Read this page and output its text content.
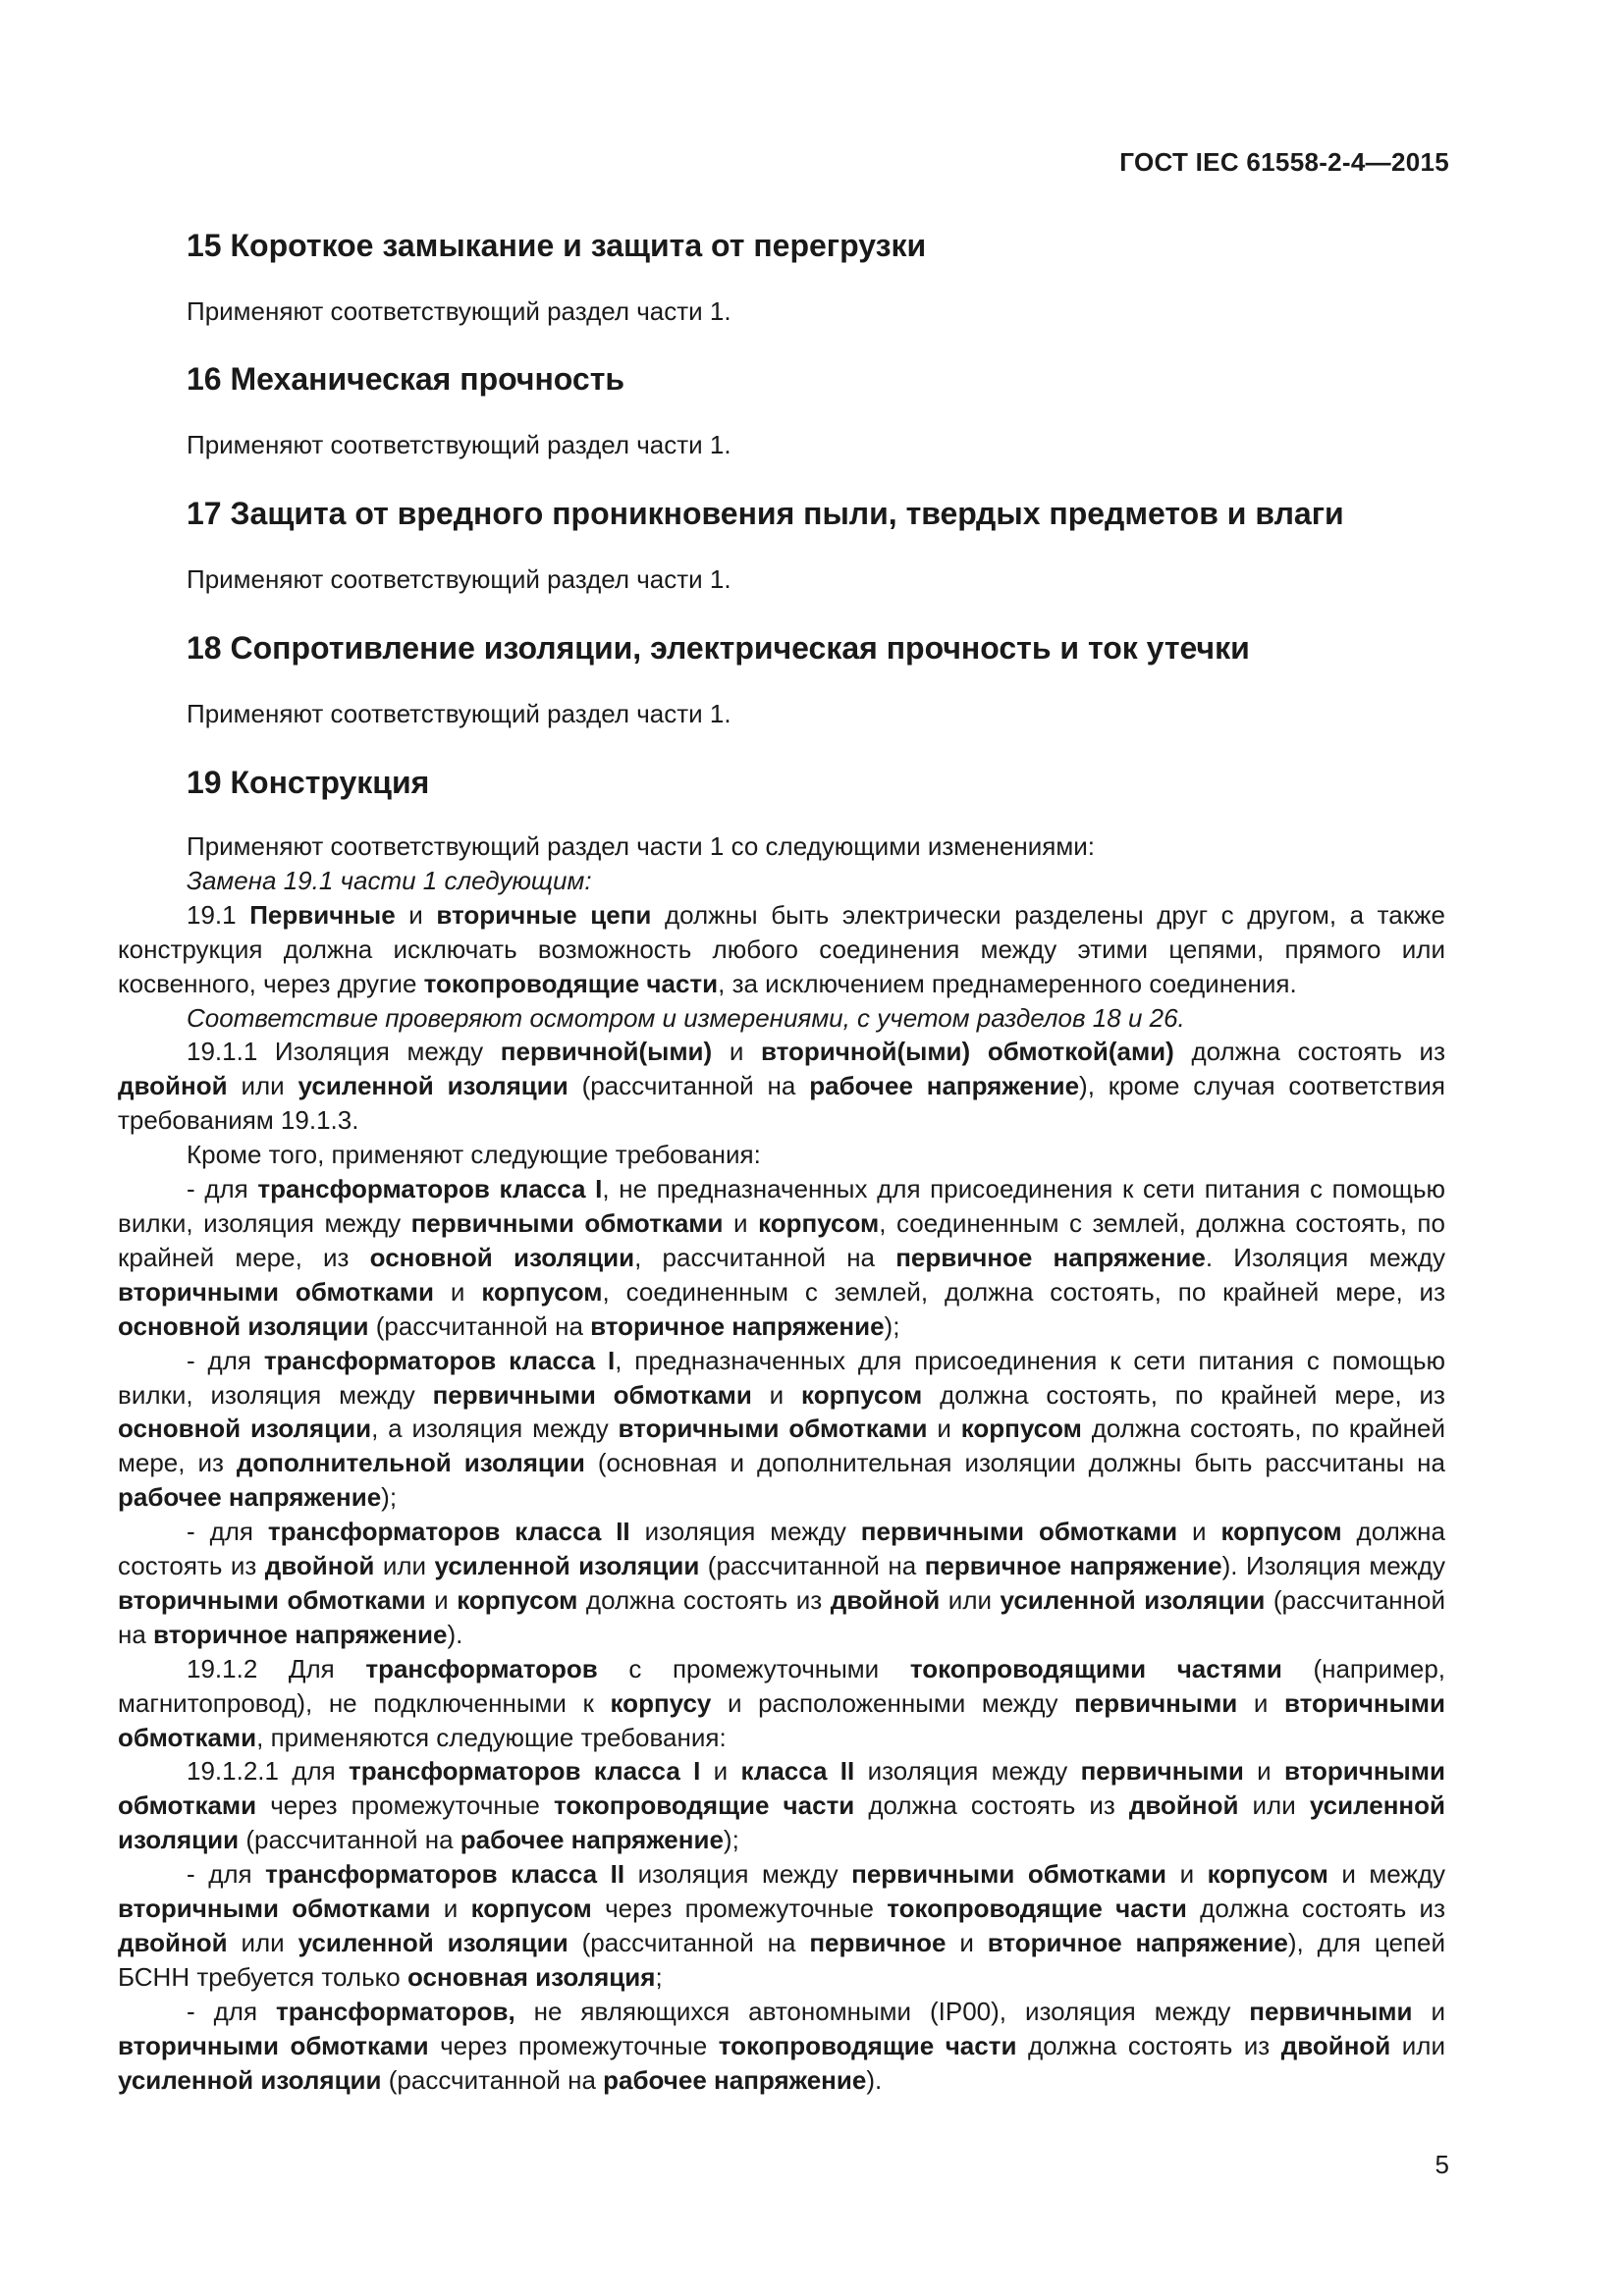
ГОСТ IEC 61558-2-4—2015
15 Короткое замыкание и защита от перегрузки

Применяют соответствующий раздел части 1.

16 Механическая прочность

Применяют соответствующий раздел части 1.

17 Защита от вредного проникновения пыли, твердых предметов и влаги

Применяют соответствующий раздел части 1.

18 Сопротивление изоляции, электрическая прочность и ток утечки

Применяют соответствующий раздел части 1.

19 Конструкция

Применяют соответствующий раздел части 1 со следующими изменениями:

Замена 19.1 части 1 следующим:

19.1 Первичные и вторичные цепи должны быть электрически разделены друг с другом, а также конструкция должна исключать возможность любого соединения между этими цепями, прямого или косвенного, через другие токопроводящие части, за исключением преднамеренного соединения.

Соответствие проверяют осмотром и измерениями, с учетом разделов 18 и 26.

19.1.1 Изоляция между первичной(ыми) и вторичной(ыми) обмоткой(ами) должна состоять из двойной или усиленной изоляции (рассчитанной на рабочее напряжение), кроме случая соответствия требованиям 19.1.3.

Кроме того, применяют следующие требования:

- для трансформаторов класса I, не предназначенных для присоединения к сети питания с помощью вилки, изоляция между первичными обмотками и корпусом, соединенным с землей, должна состоять, по крайней мере, из основной изоляции, рассчитанной на первичное напряжение. Изоляция между вторичными обмотками и корпусом, соединенным с землей, должна состоять, по крайней мере, из основной изоляции (рассчитанной на вторичное напряжение);

- для трансформаторов класса I, предназначенных для присоединения к сети питания с помощью вилки, изоляция между первичными обмотками и корпусом должна состоять, по крайней мере, из основной изоляции, а изоляция между вторичными обмотками и корпусом должна состоять, по крайней мере, из дополнительной изоляции (основная и дополнительная изоляции должны быть рассчитаны на рабочее напряжение);

- для трансформаторов класса II изоляция между первичными обмотками и корпусом должна состоять из двойной или усиленной изоляции (рассчитанной на первичное напряжение). Изоляция между вторичными обмотками и корпусом должна состоять из двойной или усиленной изоляции (рассчитанной на вторичное напряжение).

19.1.2 Для трансформаторов с промежуточными токопроводящими частями (например, магнитопровод), не подключенными к корпусу и расположенными между первичными и вторичными обмотками, применяются следующие требования:

19.1.2.1 для трансформаторов класса I и класса II изоляция между первичными и вторичными обмотками через промежуточные токопроводящие части должна состоять из двойной или усиленной изоляции (рассчитанной на рабочее напряжение);

- для трансформаторов класса II изоляция между первичными обмотками и корпусом и между вторичными обмотками и корпусом через промежуточные токопроводящие части должна состоять из двойной или усиленной изоляции (рассчитанной на первичное и вторичное напряжение), для цепей БСНН требуется только основная изоляция;

- для трансформаторов, не являющихся автономными (IP00), изоляция между первичными и вторичными обмотками через промежуточные токопроводящие части должна состоять из двойной или усиленной изоляции (рассчитанной на рабочее напряжение).

5
